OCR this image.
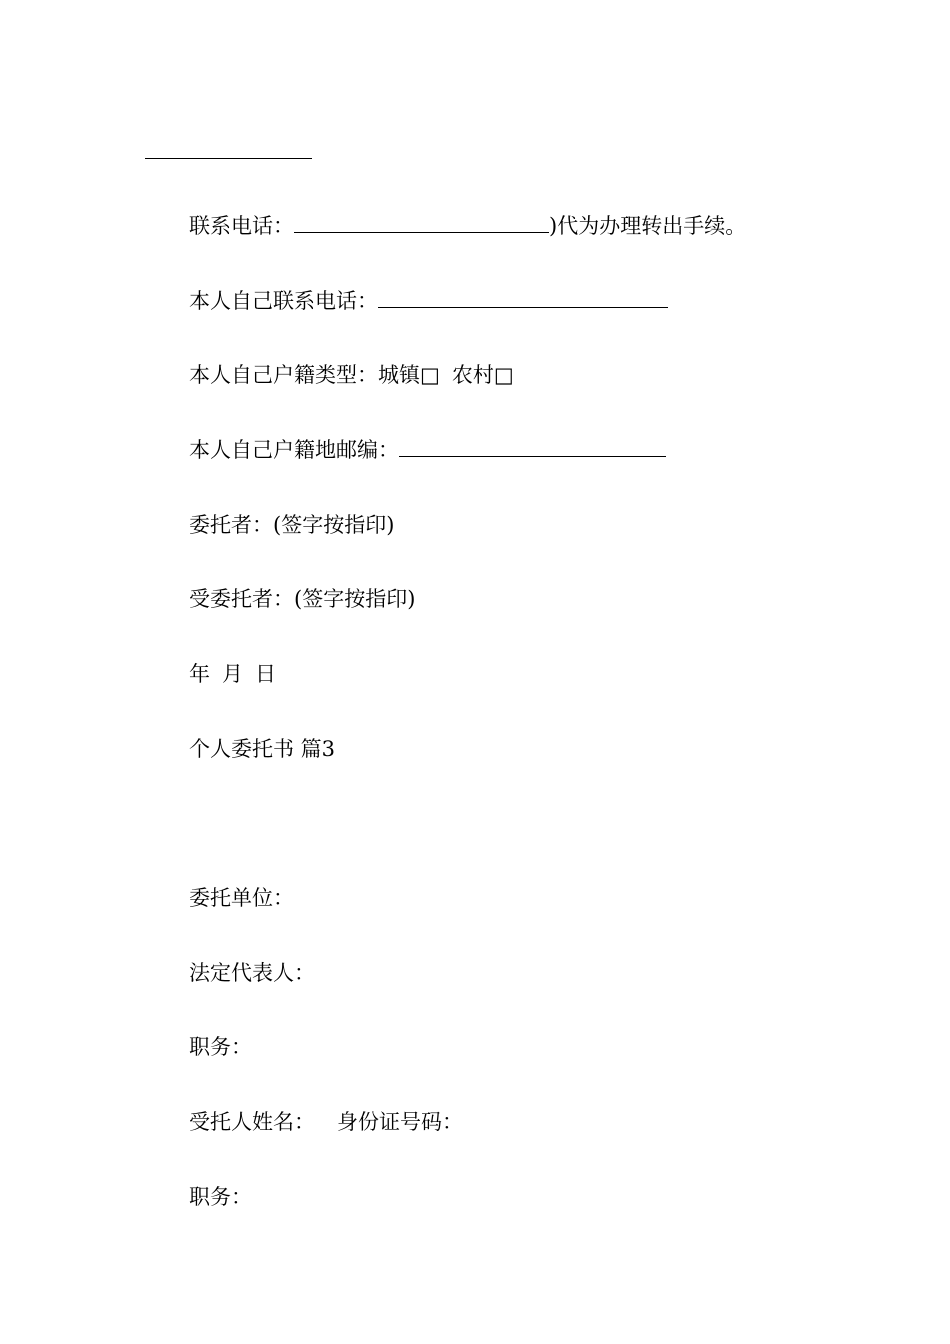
联系电话：	)代为办理转出手续。
本人自己联系电话：
本人自己户籍类型：城镇□ 农村□
本人自己户籍地邮编：
委托者：(签字按指印)
受委托者：(签字按指印)
年 月 日
个人委托书 篇3
委托单位：
法定代表人：
职务：
受托人姓名： 身份证号码：
职务：
